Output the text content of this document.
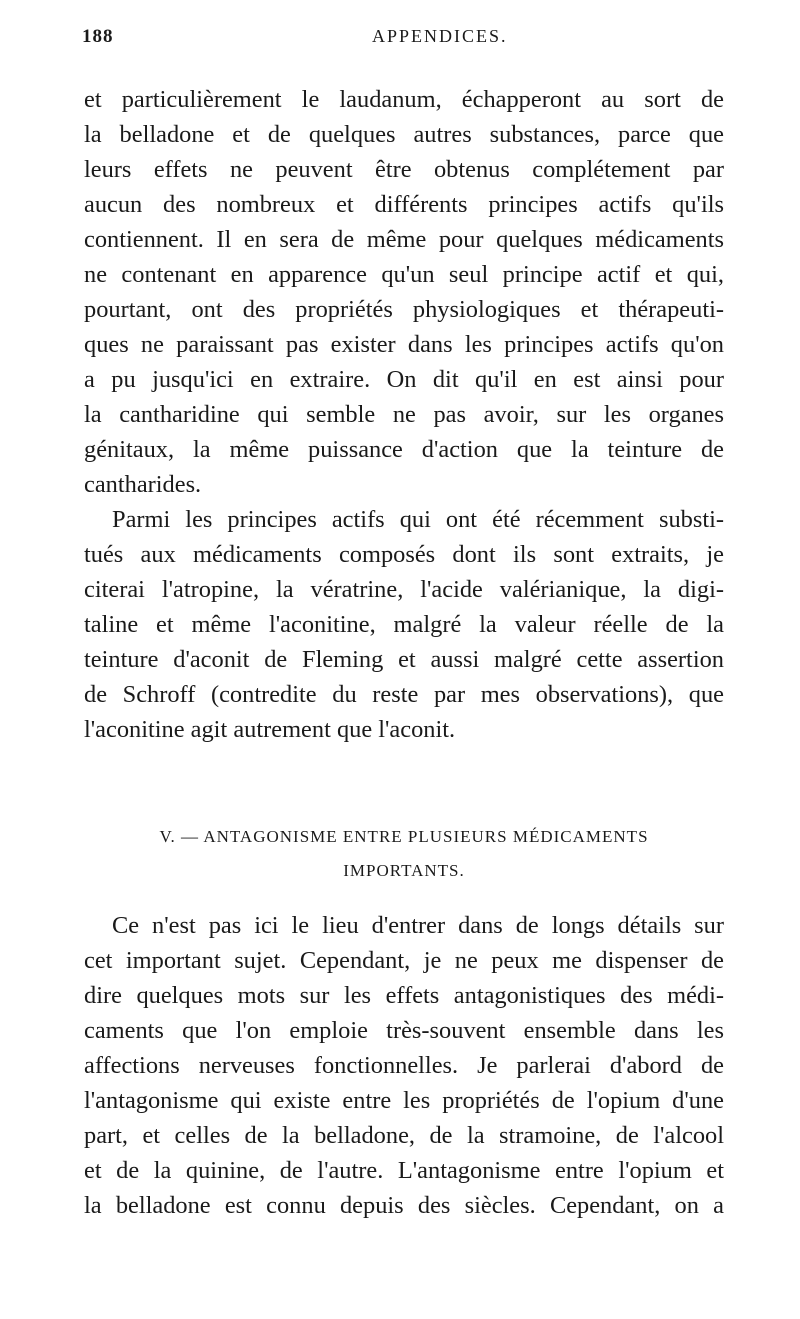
188	APPENDICES.
et particulièrement le laudanum, échapperont au sort de
la belladone et de quelques autres substances, parce que
leurs effets ne peuvent être obtenus complétement par
aucun des nombreux et différents principes actifs qu'ils
contiennent. Il en sera de même pour quelques médicaments
ne contenant en apparence qu'un seul principe actif et qui,
pourtant, ont des propriétés physiologiques et thérapeuti-
ques ne paraissant pas exister dans les principes actifs qu'on
a pu jusqu'ici en extraire. On dit qu'il en est ainsi pour
la cantharidine qui semble ne pas avoir, sur les organes
génitaux, la même puissance d'action que la teinture de
cantharides.
Parmi les principes actifs qui ont été récemment substi-
tués aux médicaments composés dont ils sont extraits, je
citerai l'atropine, la vératrine, l'acide valérianique, la digi-
taline et même l'aconitine, malgré la valeur réelle de la
teinture d'aconit de Fleming et aussi malgré cette assertion
de Schroff (contredite du reste par mes observations), que
l'aconitine agit autrement que l'aconit.
V. — ANTAGONISME ENTRE PLUSIEURS MÉDICAMENTS
IMPORTANTS.
Ce n'est pas ici le lieu d'entrer dans de longs détails sur
cet important sujet. Cependant, je ne peux me dispenser de
dire quelques mots sur les effets antagonistiques des médi-
caments que l'on emploie très-souvent ensemble dans les
affections nerveuses fonctionnelles. Je parlerai d'abord de
l'antagonisme qui existe entre les propriétés de l'opium d'une
part, et celles de la belladone, de la stramoine, de l'alcool
et de la quinine, de l'autre. L'antagonisme entre l'opium et
la belladone est connu depuis des siècles. Cependant, on a
